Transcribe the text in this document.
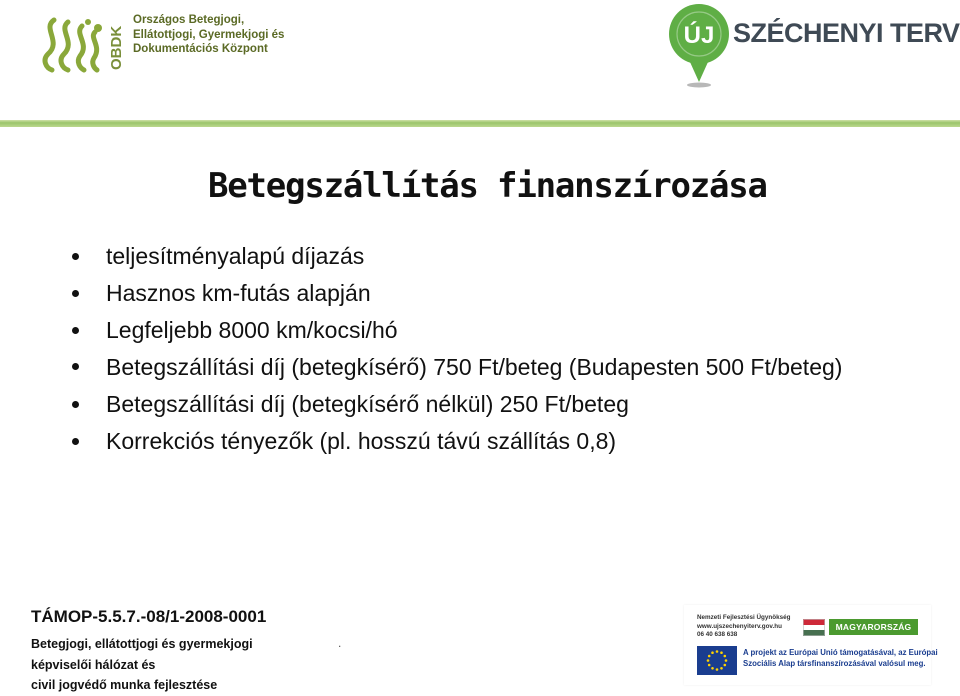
OBDK
Országos Betegjogi,
Ellátottjogi, Gyermekjogi és
Dokumentációs Központ	ÚJ SZÉCHENYI TERV
Betegszállítás finanszírozása
teljesítményalapú díjazás
Hasznos km-futás alapján
Legfeljebb 8000 km/kocsi/hó
Betegszállítási díj (betegkísérő) 750 Ft/beteg (Budapesten 500 Ft/beteg)
Betegszállítási díj (betegkísérő nélkül) 250 Ft/beteg
Korrekciós tényezők (pl. hosszú távú szállítás 0,8)
TÁMOP-5.5.7.-08/1-2008-0001
Betegjogi, ellátottjogi és gyermekjogi
képviselői hálózat és
civil jogvédő munka fejlesztése
.
Nemzeti Fejlesztési Ügynökség
www.ujszechenyiterv.gov.hu
06 40 638 638
MAGYARORSZÁG MEGÚJUL
A projekt az Európai Unió támogatásával, az Európai
Szociális Alap társfinanszírozásával valósul meg.
